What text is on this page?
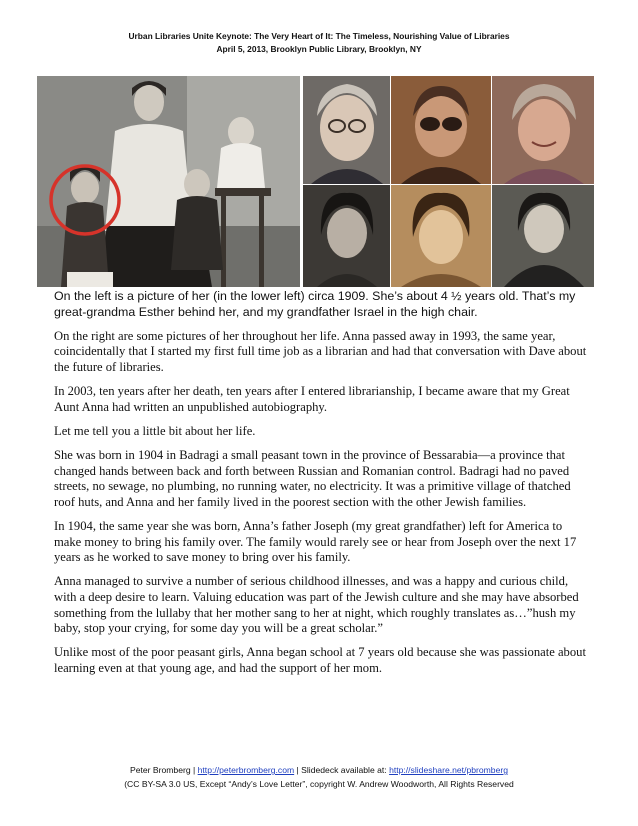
Urban Libraries Unite Keynote: The Very Heart of It: The Timeless, Nourishing Value of Libraries
April 5, 2013, Brooklyn Public Library, Brooklyn, NY

On the left is a picture of her (in the lower left) circa 1909. She’s about 4 ½ years old. That’s my great-grandma Esther behind her, and my grandfather Israel in the high chair.

On the right are some pictures of her throughout her life. Anna passed away in 1993, the same year, coincidentally that I started my first full time job as a librarian and had that conversation with Dave about the future of libraries.

In 2003, ten years after her death, ten years after I entered librarianship, I became aware that my Great Aunt Anna had written an unpublished autobiography.

Let me tell you a little bit about her life.

She was born in 1904 in Badragi a small peasant town in the province of Bessarabia—a province that changed hands between back and forth between Russian and Romanian control. Badragi had no paved streets, no sewage, no plumbing, no running water, no electricity. It was a primitive village of thatched roof huts, and Anna and her family lived in the poorest section with the other Jewish families.

In 1904, the same year she was born, Anna’s father Joseph (my great grandfather) left for America to make money to bring his family over. The family would rarely see or hear from Joseph over the next 17 years as he worked to save money to bring over his family.

Anna managed to survive a number of serious childhood illnesses, and was a happy and curious child, with a deep desire to learn. Valuing education was part of the Jewish culture and she may have absorbed something from the lullaby that her mother sang to her at night, which roughly translates as…”hush my baby, stop your crying, for some day you will be a great scholar.”

Unlike most of the poor peasant girls, Anna began school at 7 years old because she was passionate about learning even at that young age, and had the support of her mom.

Peter Bromberg | http://peterbromberg.com | Slidedeck available at: http://slideshare.net/pbromberg
(CC BY-SA 3.0 US, Except “Andy’s Love Letter”, copyright W. Andrew Woodworth, All Rights Reserved
